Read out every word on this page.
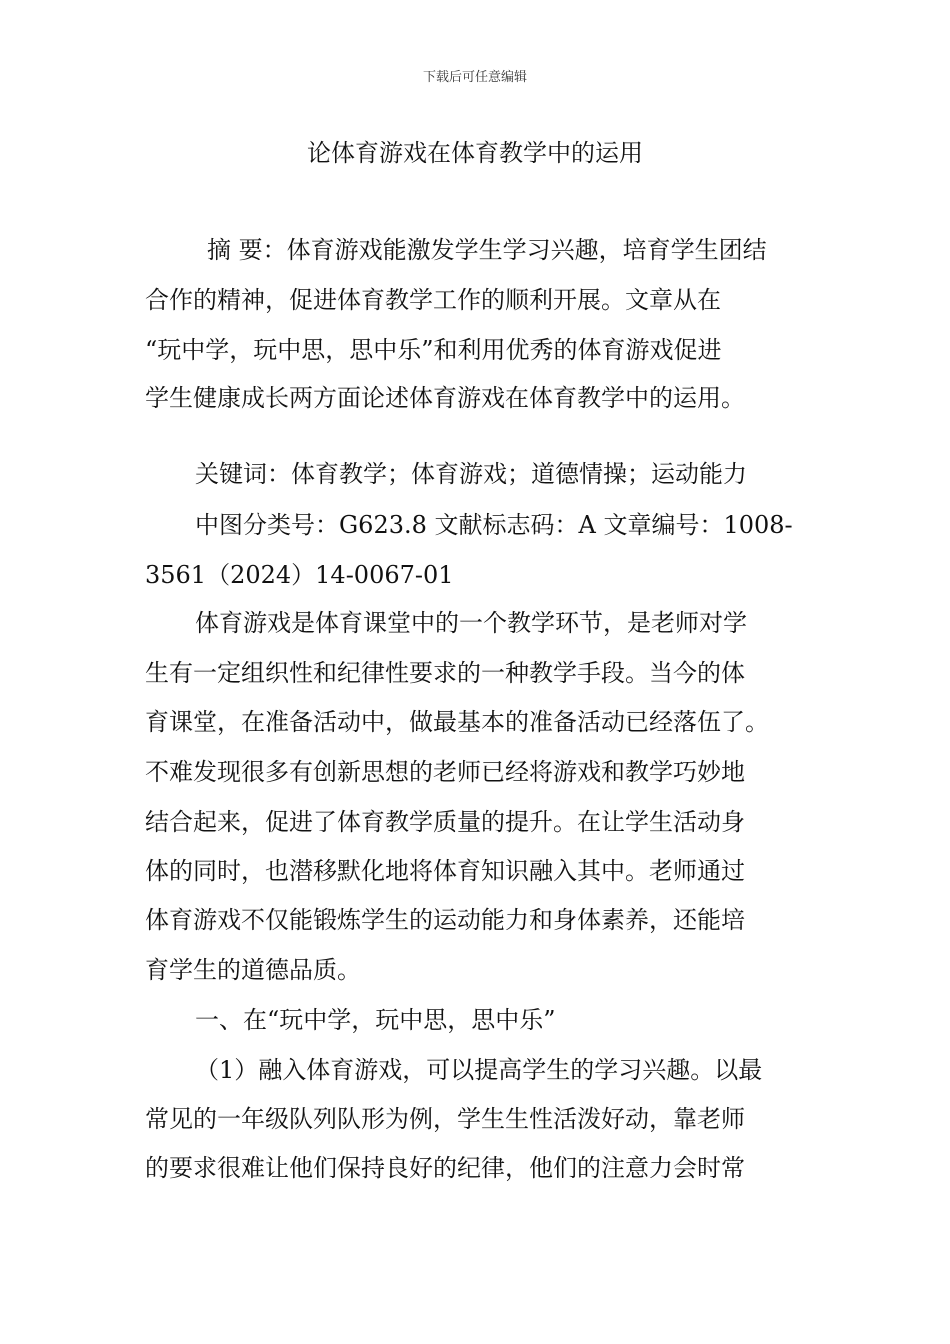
下载后可任意编辑
论体育游戏在体育教学中的运用
摘 要：体育游戏能激发学生学习兴趣，培育学生团结
合作的精神，促进体育教学工作的顺利开展。文章从在
“玩中学，玩中思，思中乐”和利用优秀的体育游戏促进
学生健康成长两方面论述体育游戏在体育教学中的运用。
关键词：体育教学；体育游戏；道德情操；运动能力
中图分类号：G623.8 文献标志码：A 文章编号：1008-
3561（2024）14-0067-01
体育游戏是体育课堂中的一个教学环节，是老师对学
生有一定组织性和纪律性要求的一种教学手段。当今的体
育课堂，在准备活动中，做最基本的准备活动已经落伍了。
不难发现很多有创新思想的老师已经将游戏和教学巧妙地
结合起来，促进了体育教学质量的提升。在让学生活动身
体的同时，也潜移默化地将体育知识融入其中。老师通过
体育游戏不仅能锻炼学生的运动能力和身体素养，还能培
育学生的道德品质。
一、在“玩中学，玩中思，思中乐”
（1）融入体育游戏，可以提高学生的学习兴趣。以最
常见的一年级队列队形为例，学生生性活泼好动，靠老师
的要求很难让他们保持良好的纪律，他们的注意力会时常
